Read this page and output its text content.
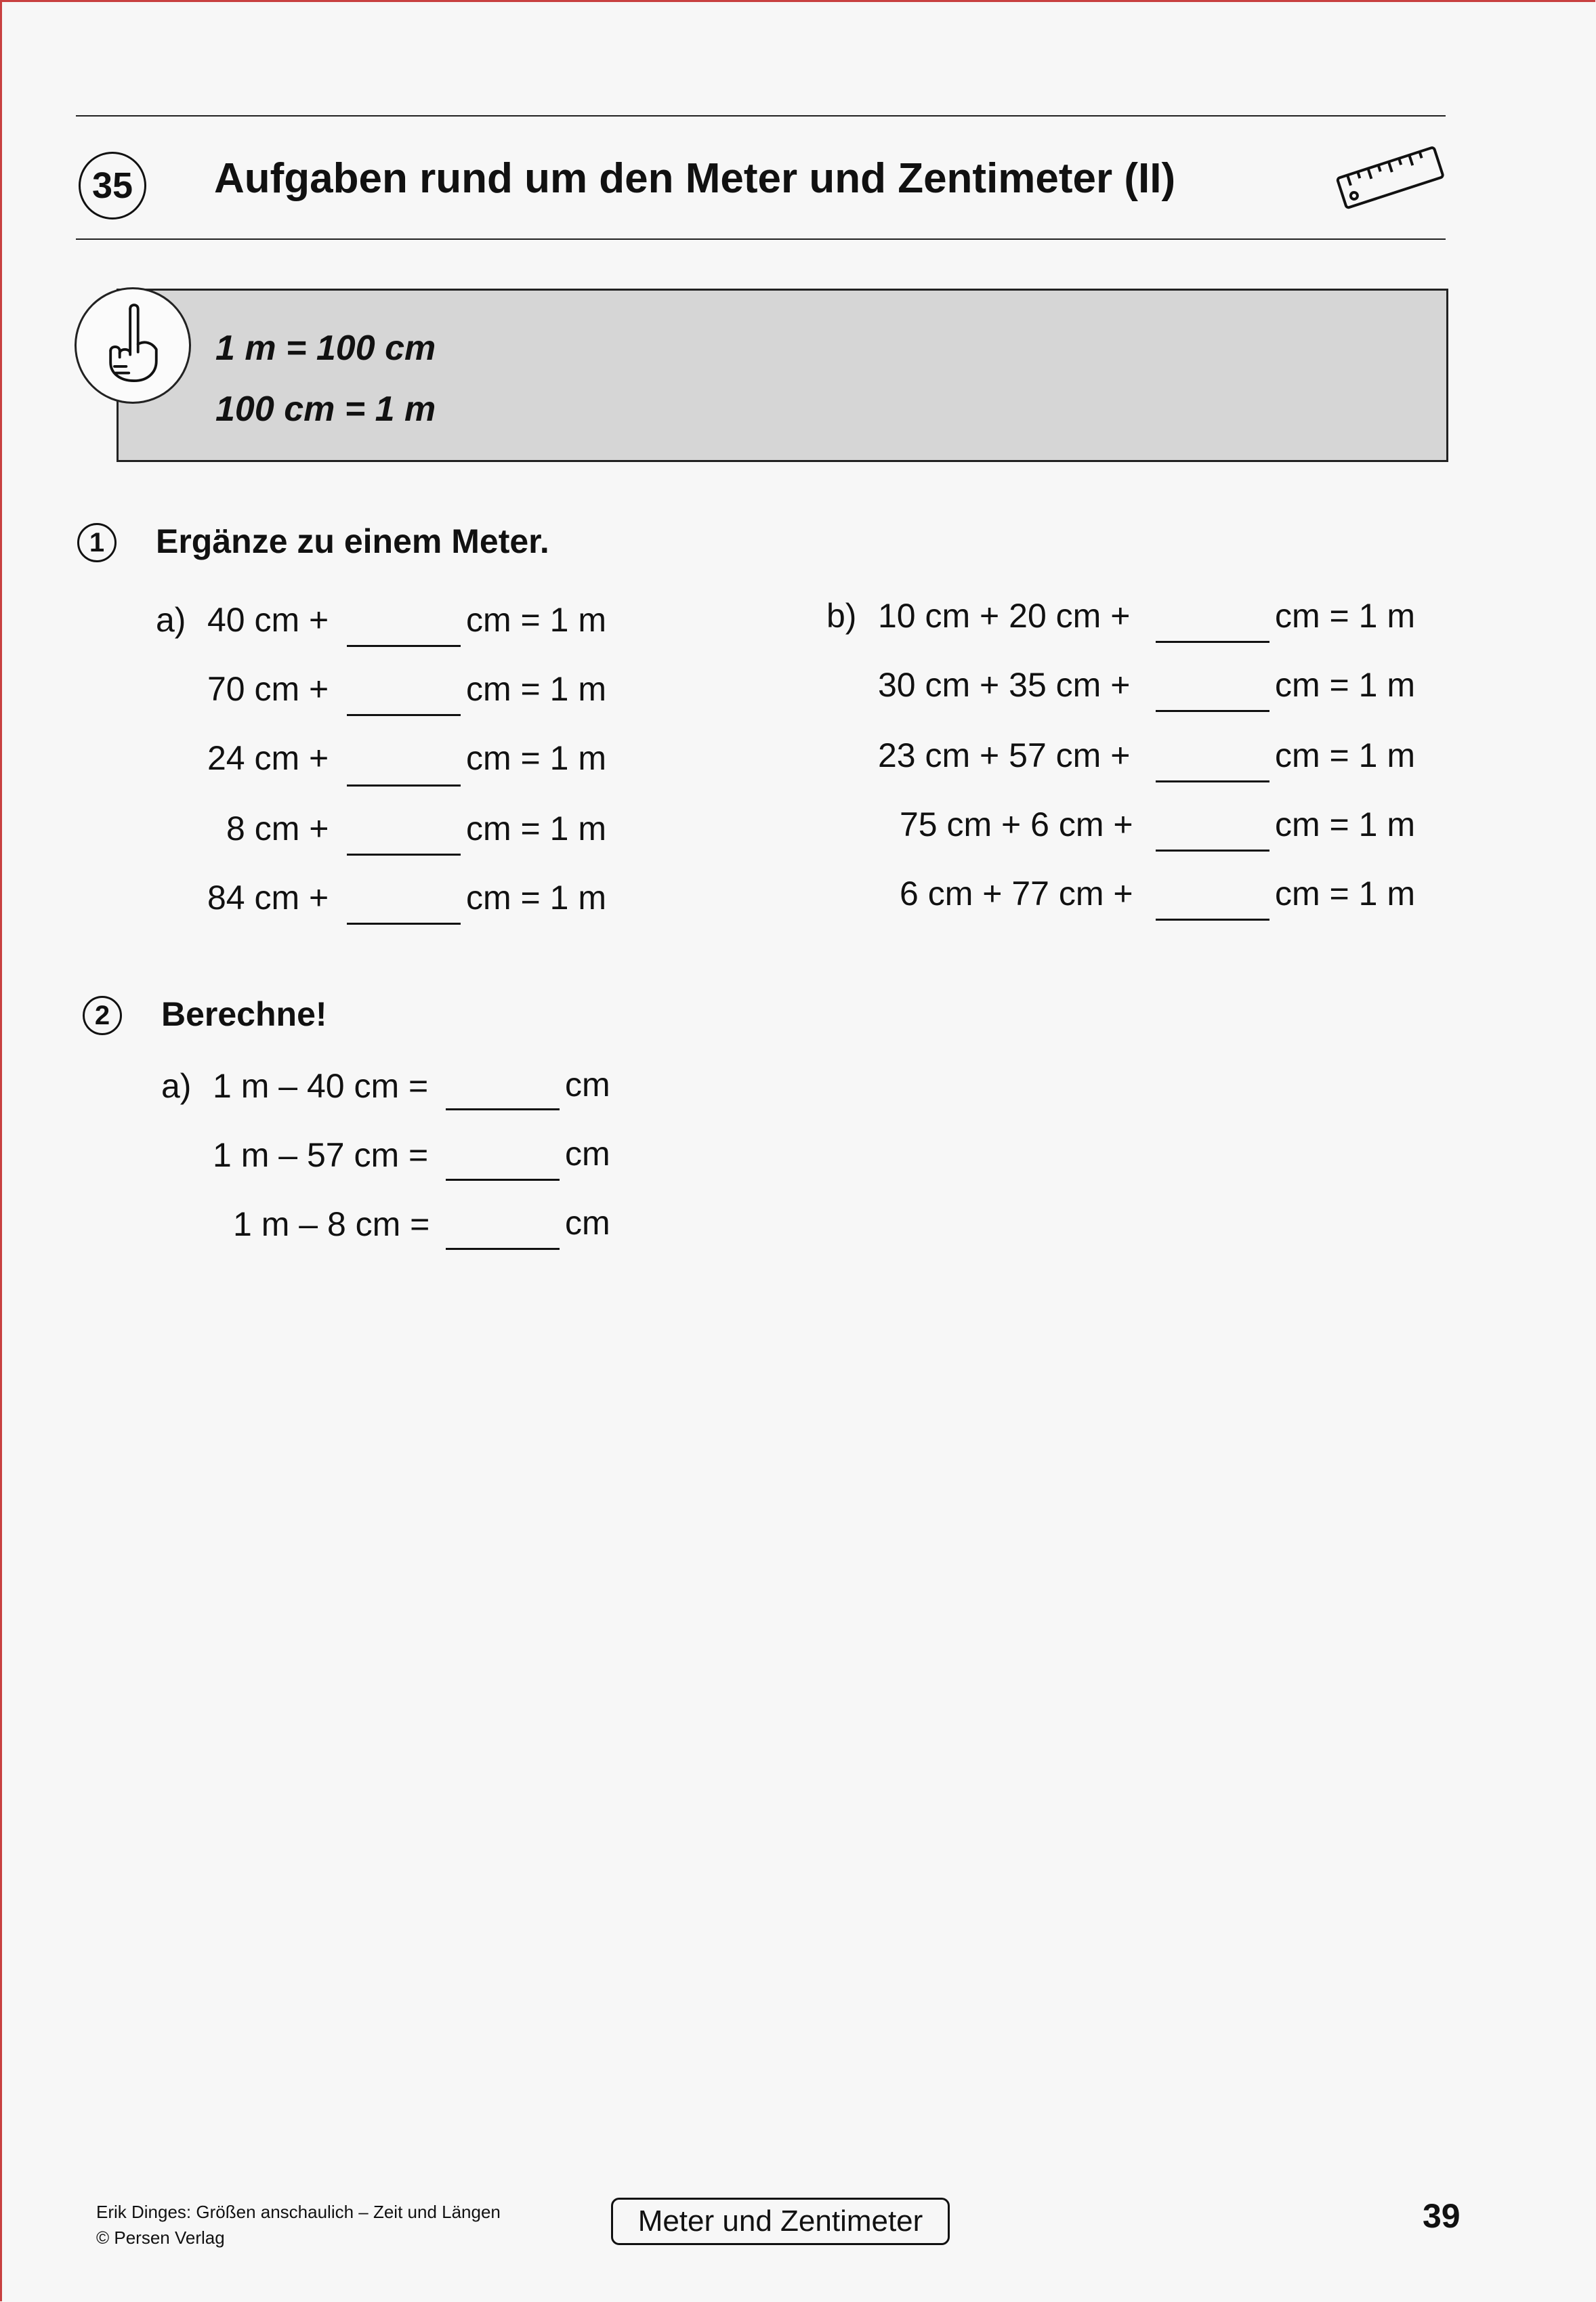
35	Aufgaben rund um den Meter und Zentimeter (II)
1 m = 100 cm
100 cm = 1 m
1	Ergänze zu einem Meter.
a) 40 cm +	cm = 1 m
70 cm +	cm = 1 m
24 cm +	cm = 1 m
8 cm +	cm = 1 m
84 cm +	cm = 1 m
b) 10 cm + 20 cm +	cm = 1 m
30 cm + 35 cm +	cm = 1 m
23 cm + 57 cm +	cm = 1 m
75 cm + 6 cm +	cm = 1 m
6 cm + 77 cm +	cm = 1 m
2	Berechne!
a) 1 m – 40 cm =	cm
1 m – 57 cm =	cm
1 m – 8 cm =	cm
Erik Dinges: Größen anschaulich – Zeit und Längen
© Persen Verlag	Meter und Zentimeter	39
